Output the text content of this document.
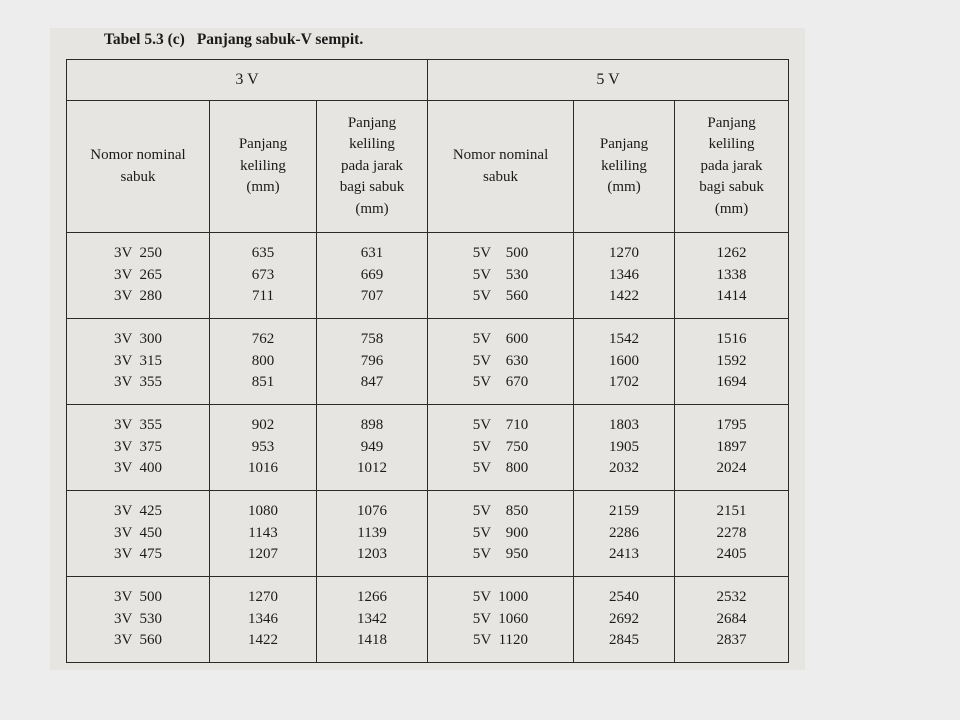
Tabel 5.3 (c) Panjang sabuk-V sempit.
3 V			5 V		

Nomor nominal
sabuk	Panjang
keliling
(mm)	Panjang
keliling
pada jarak
bagi sabuk
(mm)	Nomor nominal
sabuk	Panjang
keliling
(mm)	Panjang
keliling
pada jarak
bagi sabuk
(mm)

3V  250
3V  265
3V  280	635
673
711	631
669
707	5V    500
5V    530
5V    560	1270
1346
1422	1262
1338
1414

3V  300
3V  315
3V  355	762
800
851	758
796
847	5V    600
5V    630
5V    670	1542
1600
1702	1516
1592
1694

3V  355
3V  375
3V  400	902
953
1016	898
949
1012	5V    710
5V    750
5V    800	1803
1905
2032	1795
1897
2024

3V  425
3V  450
3V  475	1080
1143
1207	1076
1139
1203	5V    850
5V    900
5V    950	2159
2286
2413	2151
2278
2405

3V  500
3V  530
3V  560	1270
1346
1422	1266
1342
1418	5V  1000
5V  1060
5V  1120	2540
2692
2845	2532
2684
2837
